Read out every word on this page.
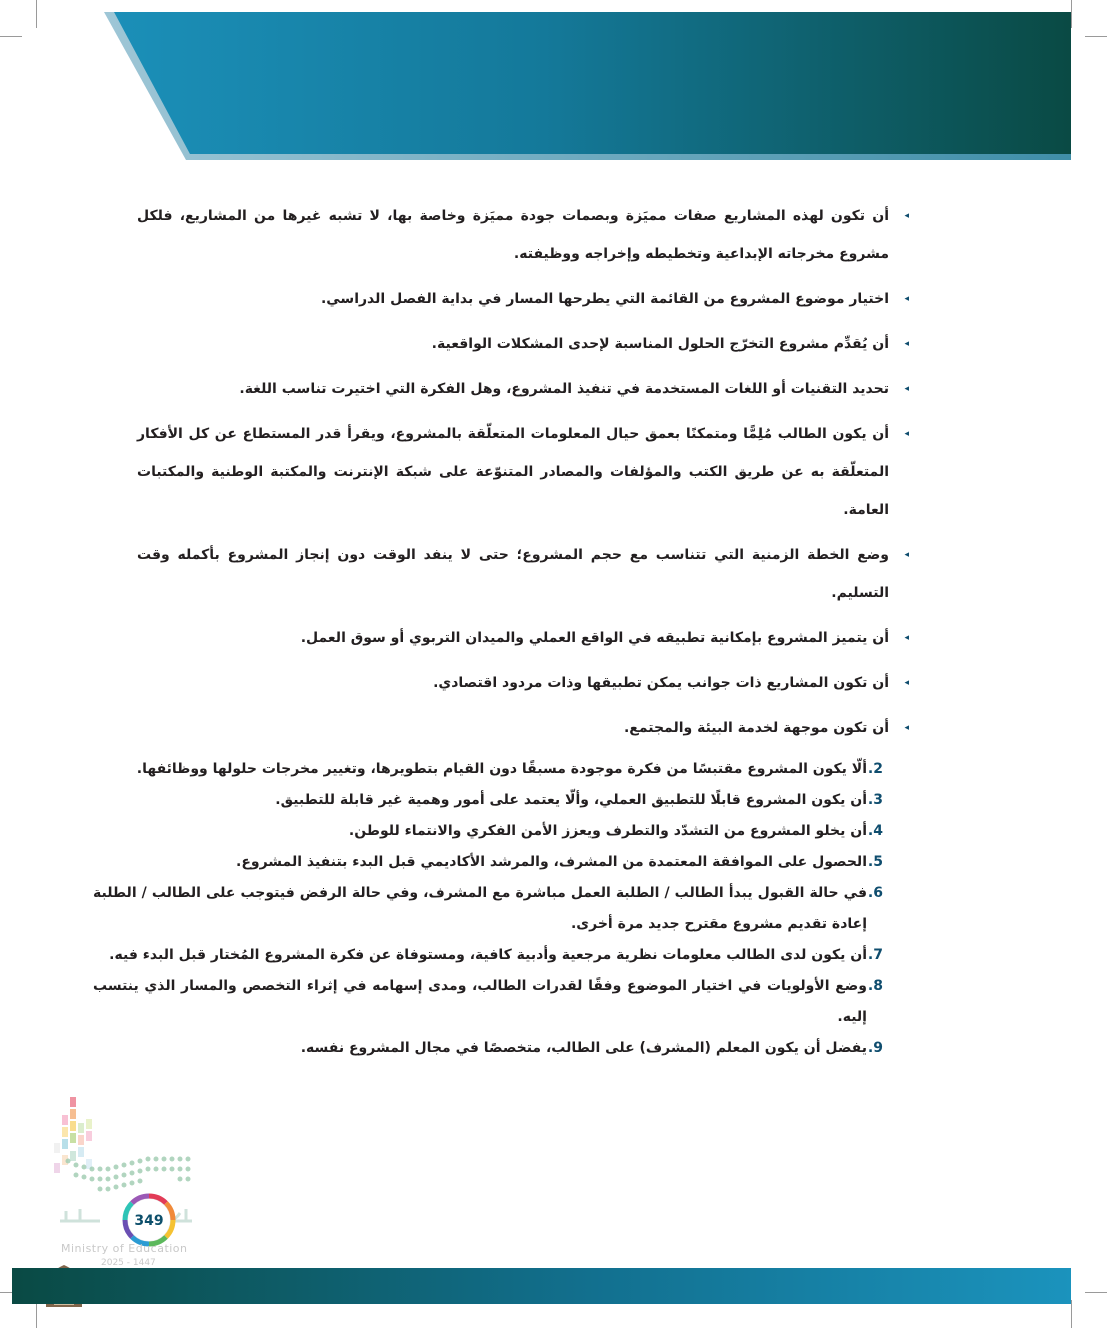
◂
أن تكون لهذه المشاريع صفات مميَزة وبصمات جودة مميَزة وخاصة بها، لا تشبه غيرها من المشاريع، فلكل مشروع مخرجاته الإبداعية وتخطيطه وإخراجه ووظيفته.
◂
اختيار موضوع المشروع من القائمة التي يطرحها المسار في بداية الفصل الدراسي.
◂
أن يُقدِّم مشروع التخرّج الحلول المناسبة لإحدى المشكلات الواقعية.
◂
تحديد التقنيات أو اللغات المستخدمة في تنفيذ المشروع، وهل الفكرة التي اختيرت تناسب اللغة.
◂
أن يكون الطالب مُلِمًّا ومتمكنًا بعمق حيال المعلومات المتعلّقة بالمشروع، ويقرأ قدر المستطاع عن كل الأفكار المتعلّقة به عن طريق الكتب والمؤلفات والمصادر المتنوّعة على شبكة الإنترنت والمكتبة الوطنية والمكتبات العامة.
◂
وضع الخطة الزمنية التي تتناسب مع حجم المشروع؛ حتى لا ينفد الوقت دون إنجاز المشروع بأكمله وقت التسليم.
◂
أن يتميز المشروع بإمكانية تطبيقه في الواقع العملي والميدان التربوي أو سوق العمل.
◂
أن تكون المشاريع ذات جوانب يمكن تطبيقها وذات مردود اقتصادي.
◂
أن تكون موجهة لخدمة البيئة والمجتمع.
2.
ألّا يكون المشروع مقتبسًا من فكرة موجودة مسبقًا دون القيام بتطويرها، وتغيير مخرجات حلولها ووظائفها.
3.
أن يكون المشروع قابلًا للتطبيق العملي، وألّا يعتمد على أمور وهمية غير قابلة للتطبيق.
4.
أن يخلو المشروع من التشدّد والتطرف ويعزز الأمن الفكري والانتماء للوطن.
5.
الحصول على الموافقة المعتمدة من المشرف، والمرشد الأكاديمي قبل البدء بتنفيذ المشروع.
6.
في حالة القبول يبدأ الطالب / الطلبة العمل مباشرة مع المشرف، وفي حالة الرفض فيتوجب على الطالب / الطلبة إعادة تقديم مشروع مقترح جديد مرة أخرى.
7.
أن يكون لدى الطالب معلومات نظرية مرجعية وأدبية كافية، ومستوفاة عن فكرة المشروع المُختار قبل البدء فيه.
8.
وضع الأولويات في اختيار الموضوع وفقًا لقدرات الطالب، ومدى إسهامه في إثراء التخصص والمسار الذي ينتسب إليه.
9.
يفضل أن يكون المعلم (المشرف) على الطالب، متخصصًا في مجال المشروع نفسه.
349
Ministry of Education
2025 - 1447
